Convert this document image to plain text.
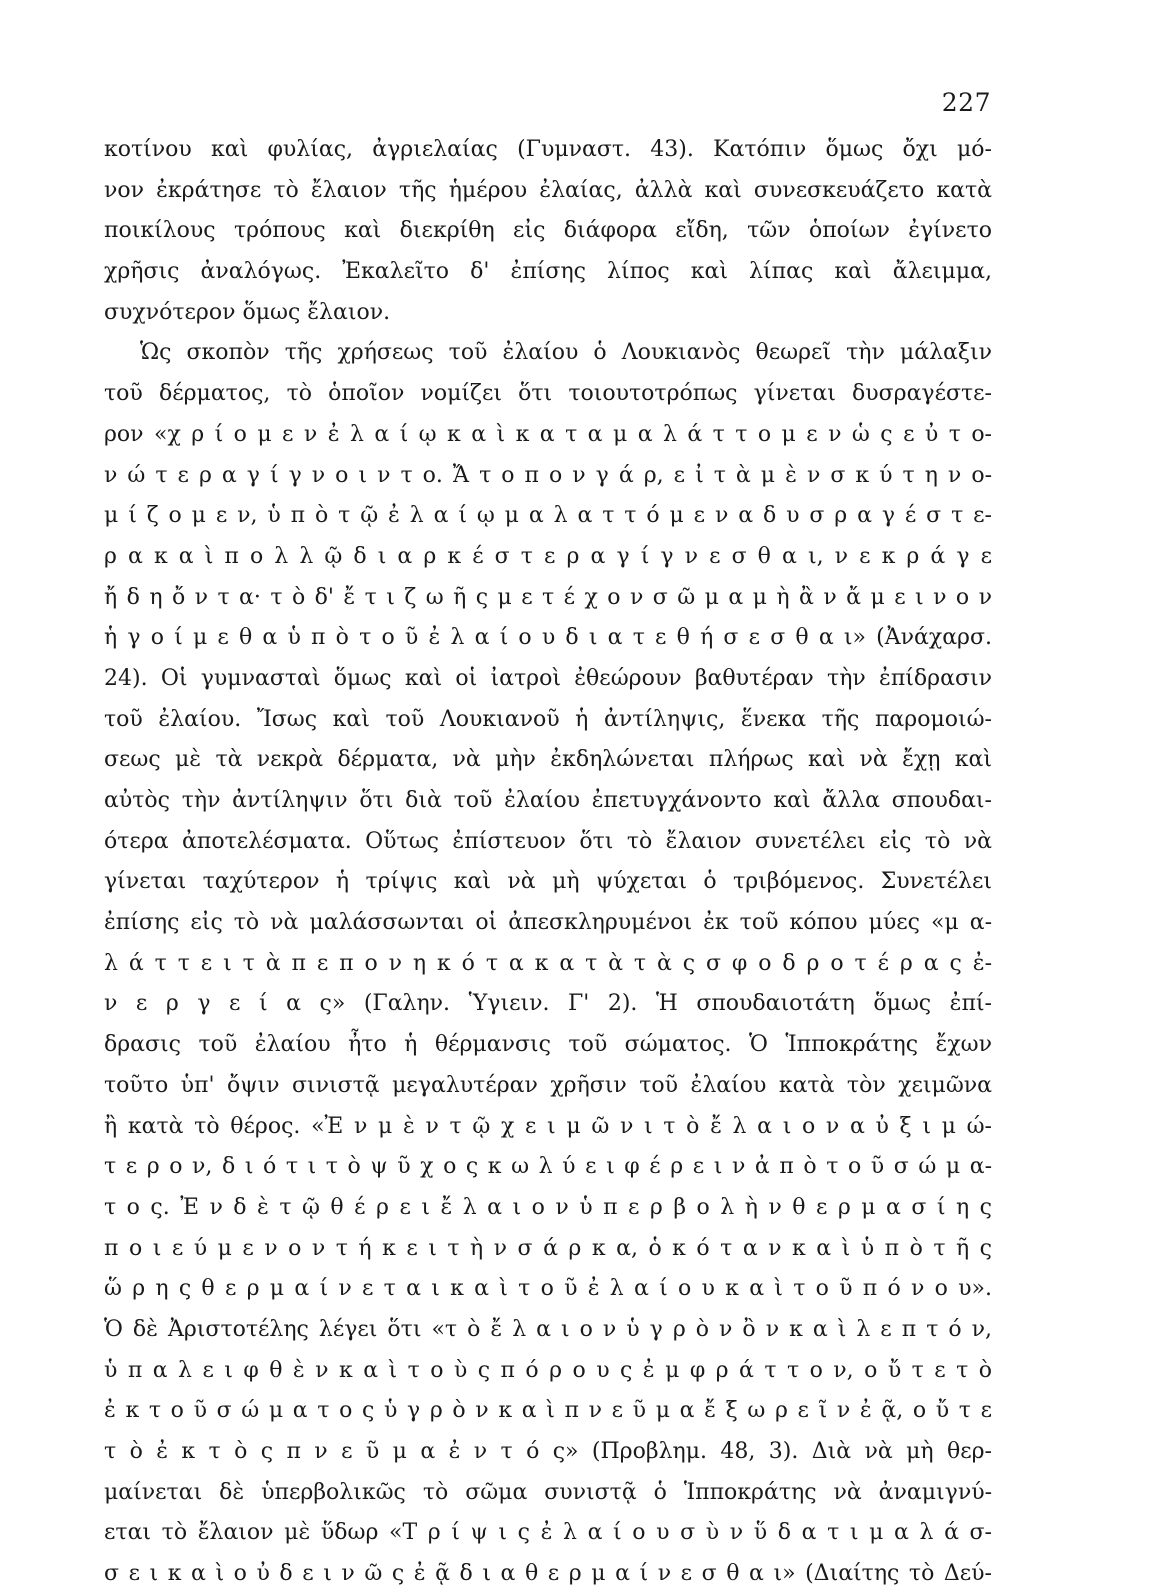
227
κοτίνου καὶ φυλίας, ἀγριελαίας (Γυμναστ. 43). Κατόπιν ὅμως ὄχι μό-
νον ἐκράτησε τὸ ἔλαιον τῆς ἡμέρου ἐλαίας, ἀλλὰ καὶ συνεσκευάζετο κατὰ
ποικίλους τρόπους καὶ διεκρίθη εἰς διάφορα εἴδη, τῶν ὁποίων ἐγίνετο
χρῆσις ἀναλόγως. Ἐκαλεῖτο δ' ἐπίσης λίπος καὶ λίπας καὶ ἄλειμμα,
συχνότερον ὅμως ἔλαιον.
Ὡς σκοπὸν τῆς χρήσεως τοῦ ἐλαίου ὁ Λουκιανὸς θεωρεῖ τὴν μάλαξιν
τοῦ δέρματος, τὸ ὁποῖον νομίζει ὅτι τοιουτοτρόπως γίνεται δυσραγέστε-
ρον «χ ρ ί ο μ ε ν ἐ λ α ί ῳ κ α ὶ κ α τ α μ α λ ά τ τ ο μ ε ν ὡ ς ε ὐ τ ο-
ν ώ τ ε ρ α γ ί γ ν ο ι ν τ ο. Ἄ τ ο π ο ν γ ά ρ, ε ἰ τ ὰ μ ὲ ν σ κ ύ τ η ν ο-
μ ί ζ ο μ ε ν, ὑ π ὸ τ ῷ ἐ λ α ί ῳ μ α λ α τ τ ό μ ε ν α δ υ σ ρ α γ έ σ τ ε-
ρ α κ α ὶ π ο λ λ ῷ δ ι α ρ κ έ σ τ ε ρ α γ ί γ ν ε σ θ α ι, ν ε κ ρ ά γ ε
ἤ δ η ὄ ν τ α· τ ὸ δ' ἔ τ ι ζ ω ῆ ς μ ε τ έ χ ο ν σ ῶ μ α μ ὴ ἂ ν ἄ μ ε ι ν ο ν
ἡ γ ο ί μ ε θ α ὑ π ὸ τ ο ῦ ἐ λ α ί ο υ δ ι α τ ε θ ή σ ε σ θ α ι» (Ἀνάχαρσ.
24). Οἱ γυμνασταὶ ὅμως καὶ οἱ ἰατροὶ ἐθεώρουν βαθυτέραν τὴν ἐπίδρασιν
τοῦ ἐλαίου. Ἴσως καὶ τοῦ Λουκιανοῦ ἡ ἀντίληψις, ἕνεκα τῆς παρομοιώ-
σεως μὲ τὰ νεκρὰ δέρματα, νὰ μὴν ἐκδηλώνεται πλήρως καὶ νὰ ἔχῃ καὶ
αὐτὸς τὴν ἀντίληψιν ὅτι διὰ τοῦ ἐλαίου ἐπετυγχάνοντο καὶ ἄλλα σπουδαι-
ότερα ἀποτελέσματα. Οὕτως ἐπίστευον ὅτι τὸ ἔλαιον συνετέλει εἰς τὸ νὰ
γίνεται ταχύτερον ἡ τρίψις καὶ νὰ μὴ ψύχεται ὁ τριβόμενος. Συνετέλει
ἐπίσης εἰς τὸ νὰ μαλάσσωνται οἱ ἀπεσκληρυμένοι ἐκ τοῦ κόπου μύες «μ α-
λ ά τ τ ε ι τ ὰ π ε π ο ν η κ ό τ α κ α τ ὰ τ ὰ ς σ φ ο δ ρ ο τ έ ρ α ς ἐ-
ν ε ρ γ ε ί α ς» (Γαλην. Ὑγιειν. Γ' 2). Ἡ σπουδαιοτάτη ὅμως ἐπί-
δρασις τοῦ ἐλαίου ἦτο ἡ θέρμανσις τοῦ σώματος. Ὁ Ἱπποκράτης ἔχων
τοῦτο ὑπ' ὄψιν σινιστᾷ μεγαλυτέραν χρῆσιν τοῦ ἐλαίου κατὰ τὸν χειμῶνα
ἢ κατὰ τὸ θέρος. «Ἐ ν μ ὲ ν τ ῷ χ ε ι μ ῶ ν ι τ ὸ ἔ λ α ι ο ν α ὐ ξ ι μ ώ-
τ ε ρ ο ν, δ ι ό τ ι τ ὸ ψ ῦ χ ο ς κ ω λ ύ ε ι φ έ ρ ε ι ν ἀ π ὸ τ ο ῦ σ ώ μ α-
τ ο ς. Ἐ ν δ ὲ τ ῷ θ έ ρ ε ι ἔ λ α ι ο ν ὑ π ε ρ β ο λ ὴ ν θ ε ρ μ α σ ί η ς
π ο ι ε ύ μ ε ν ο ν τ ή κ ε ι τ ὴ ν σ ά ρ κ α, ὁ κ ό τ α ν κ α ὶ ὑ π ὸ τ ῆ ς
ὥ ρ η ς θ ε ρ μ α ί ν ε τ α ι κ α ὶ τ ο ῦ ἐ λ α ί ο υ κ α ὶ τ ο ῦ π ό ν ο υ».
Ὁ δὲ Ἀριστοτέλης λέγει ὅτι «τ ὸ ἔ λ α ι ο ν ὑ γ ρ ὸ ν ὂ ν κ α ὶ λ ε π τ ό ν,
ὑ π α λ ε ι φ θ ὲ ν κ α ὶ τ ο ὺ ς π ό ρ ο υ ς ἐ μ φ ρ ά τ τ ο ν, ο ὔ τ ε τ ὸ
ἐ κ τ ο ῦ σ ώ μ α τ ο ς ὑ γ ρ ὸ ν κ α ὶ π ν ε ῦ μ α ἔ ξ ω ρ ε ῖ ν ἐ ᾷ, ο ὔ τ ε
τ ὸ ἐ κ τ ὸ ς π ν ε ῦ μ α ἐ ν τ ό ς» (Προβλημ. 48, 3). Διὰ νὰ μὴ θερ-
μαίνεται δὲ ὑπερβολικῶς τὸ σῶμα συνιστᾷ ὁ Ἱπποκράτης νὰ ἀναμιγνύ-
εται τὸ ἔλαιον μὲ ὕδωρ «Τ ρ ί ψ ι ς ἐ λ α ί ο υ σ ὺ ν ὕ δ α τ ι μ α λ ά σ-
σ ε ι κ α ὶ ο ὐ δ ε ι ν ῶ ς ἐ ᾷ δ ι α θ ε ρ μ α ί ν ε σ θ α ι» (Διαίτης τὸ Δεύ-
